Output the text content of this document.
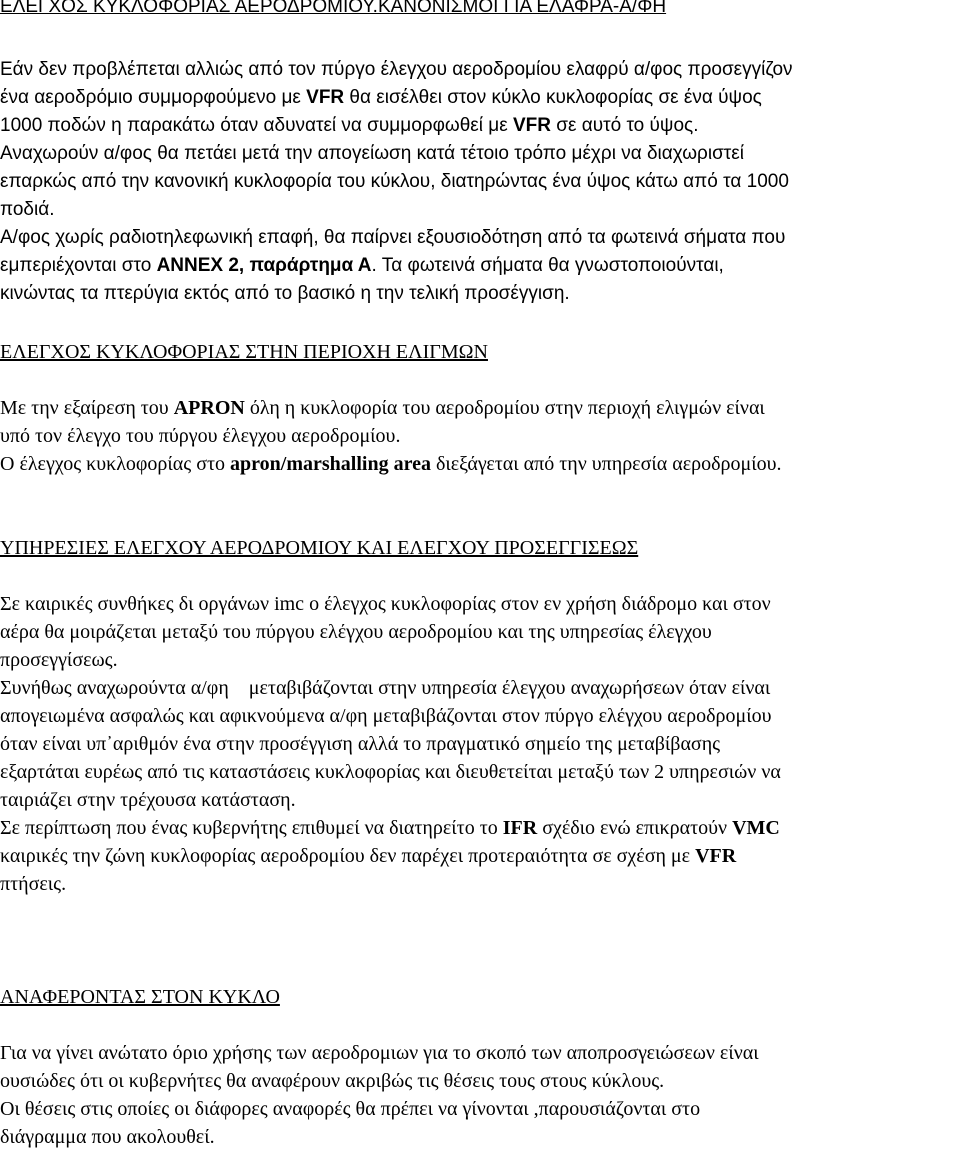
ΕΛΕΓΧΟΣ ΚΥΚΛΟΦΟΡΙΑΣ ΑΕΡΟΔΡΟΜΙΟΥ.ΚΑΝΟΝΙΣΜΟΙ ΓΙΑ ΕΛΑΦΡΑ-Α/ΦΗ
Εάν δεν προβλέπεται αλλιώς από τον πύργο έλεγχου αεροδρομίου ελαφρύ α/φος προσεγγίζον
ένα αεροδρόμιο συμμορφούμενο με VFR θα εισέλθει στον κύκλο κυκλοφορίας σε ένα ύψος
1000 ποδών η παρακάτω όταν αδυνατεί να συμμορφωθεί με VFR σε αυτό το ύψος.
Αναχωρούν α/φος θα πετάει μετά την απογείωση κατά τέτοιο τρόπο μέχρι να διαχωριστεί
επαρκώς από την κανονική κυκλοφορία του κύκλου, διατηρώντας ένα ύψος κάτω από τα 1000
ποδιά.
Α/φος χωρίς ραδιοτηλεφωνική επαφή, θα παίρνει εξουσιοδότηση από τα φωτεινά σήματα που
εμπεριέχονται στο ΑΝΝΕΧ 2, παράρτημα Α. Τα φωτεινά σήματα θα γνωστοποιούνται,
κινώντας τα πτερύγια εκτός από το βασικό η την τελική προσέγγιση.
ΕΛΕΓΧΟΣ ΚΥΚΛΟΦΟΡΙΑΣ ΣΤΗΝ ΠΕΡΙΟΧΗ ΕΛΙΓΜΩΝ
Με την εξαίρεση του APRON όλη η κυκλοφορία του αεροδρομίου στην περιοχή ελιγμών είναι
υπό τον έλεγχο του πύργου έλεγχου αεροδρομίου.
Ο έλεγχος κυκλοφορίας στο apron/marshalling area διεξάγεται από την υπηρεσία αεροδρομίου.
ΥΠΗΡΕΣΙΕΣ ΕΛΕΓΧΟΥ ΑΕΡΟΔΡΟΜΙΟΥ ΚΑΙ ΕΛΕΓΧΟΥ ΠΡΟΣΕΓΓΙΣΕΩΣ
Σε καιρικές συνθήκες δι οργάνων imc ο έλεγχος κυκλοφορίας στον εν χρήση διάδρομο και στον
αέρα θα μοιράζεται μεταξύ του πύργου ελέγχου αεροδρομίου και της υπηρεσίας έλεγχου
προσεγγίσεως.
Συνήθως αναχωρούντα α/φη    μεταβιβάζονται στην υπηρεσία έλεγχου αναχωρήσεων όταν είναι
απογειωμένα ασφαλώς και αφικνούμενα α/φη μεταβιβάζονται στον πύργο ελέγχου αεροδρομίου
όταν είναι υπ᾽αριθμόν ένα στην προσέγγιση αλλά το πραγματικό σημείο της μεταβίβασης
εξαρτάται ευρέως από τις καταστάσεις κυκλοφορίας και διευθετείται μεταξύ των 2 υπηρεσιών να
ταιριάζει στην τρέχουσα κατάσταση.
Σε περίπτωση που ένας κυβερνήτης επιθυμεί να διατηρείτο το IFR σχέδιο ενώ επικρατούν VMC
καιρικές την ζώνη κυκλοφορίας αεροδρομίου δεν παρέχει προτεραιότητα σε σχέση με VFR
πτήσεις.
ΑΝΑΦΕΡΟΝΤΑΣ ΣΤΟΝ ΚΥΚΛΟ
Για να γίνει ανώτατο όριο χρήσης των αεροδρομιων για το σκοπό των αποπροσγειώσεων είναι
ουσιώδες ότι οι κυβερνήτες θα αναφέρουν ακριβώς τις θέσεις τους στους κύκλους.
Οι θέσεις στις οποίες οι διάφορες αναφορές θα πρέπει να γίνονται ,παρουσιάζονται στο
διάγραμμα που ακολουθεί.
